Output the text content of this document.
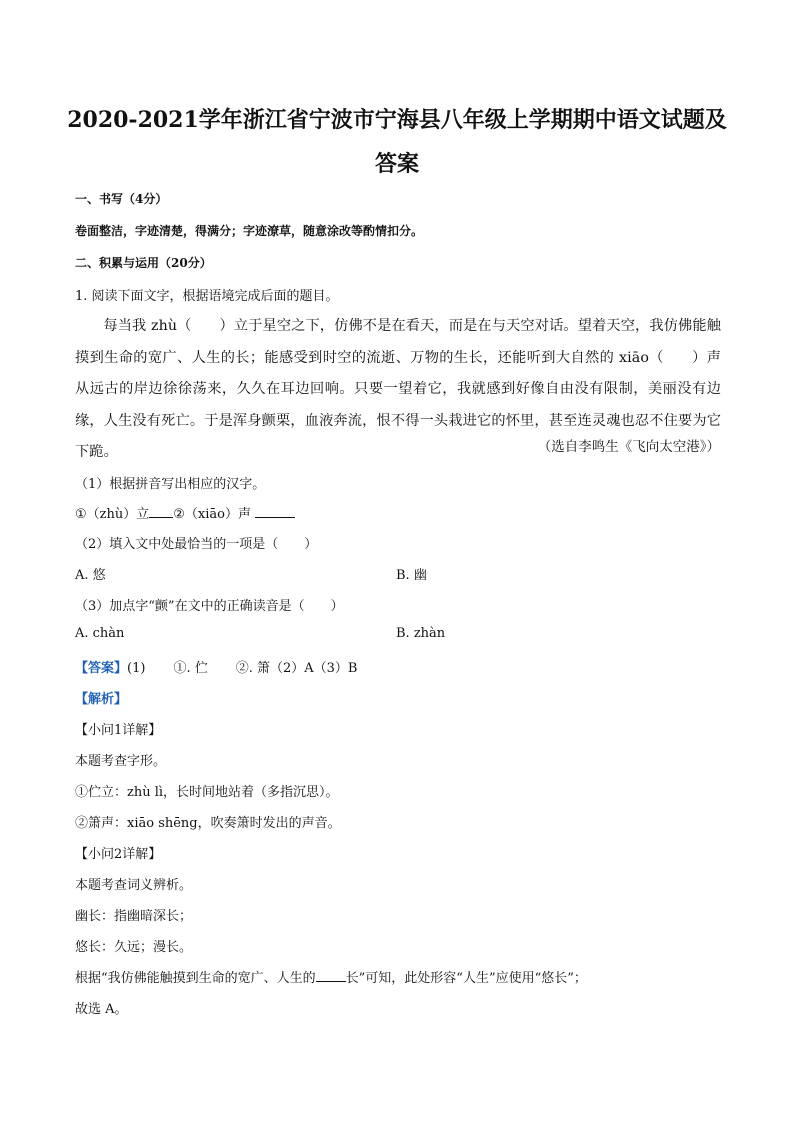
2020-2021学年浙江省宁波市宁海县八年级上学期期中语文试题及答案
一、书写（4分）
卷面整洁，字迹清楚，得满分；字迹潦草，随意涂改等酌情扣分。
二、积累与运用（20分）
1. 阅读下面文字，根据语境完成后面的题目。
每当我 zhù（ ）立于星空之下，仿佛不是在看天，而是在与天空对话。望着天空，我仿佛能触摸到生命的宽广、人生的长；能感受到时空的流逝、万物的生长，还能听到大自然的 xiāo（ ）声从远古的岸边徐徐荡来，久久在耳边回响。只要一望着它，我就感到好像自由没有限制，美丽没有边缘，人生没有死亡。于是浑身颤栗，血液奔流，恨不得一头栽进它的怀里，甚至连灵魂也忍不住要为它下跪。	（选自李鸣生《飞向太空港》）
（1）根据拼音写出相应的汉字。
①（zhù）立 ②（xiāo）声
（2）填入文中处最恰当的一项是（　　）
A. 悠	B. 幽
（3）加点字“颤”在文中的正确读音是（　　）
A. chàn	B. zhàn
【答案】(1) ①. 伫 ②. 箫（2）A（3）B
【解析】
【小问1详解】
本题考查字形。
①伫立：zhù lì，长时间地站着（多指沉思）。
②箫声：xiāo shēng，吹奏箫时发出的声音。
【小问2详解】
本题考查词义辨析。
幽长：指幽暗深长；
悠长：久远；漫长。
根据“我仿佛能触摸到生命的宽广、人生的 长”可知，此处形容“人生”应使用“悠长”；
故选 A。
